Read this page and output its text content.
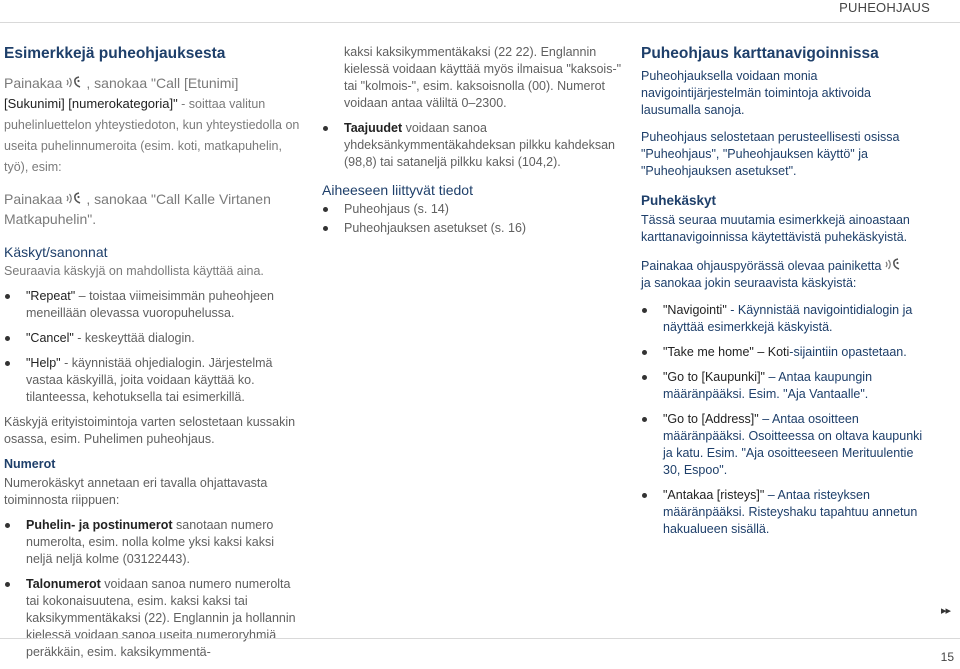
PUHEOHJAUS
Esimerkkejä puheohjauksesta

Painakaa , sanokaa "Call [Etunimi] [Sukunimi] [numerokategoria]" - soittaa valitun puhelinluettelon yhteystiedoton, kun yhteystiedolla on useita puhelinnumeroita (esim. koti, matkapuhelin, työ), esim:

Painakaa , sanokaa "Call Kalle Virtanen Matkapuhelin".

Käskyt/sanonnat

Seuraavia käskyjä on mahdollista käyttää aina.

"Repeat" – toistaa viimeisimmän puheohjeen meneillään olevassa vuoropuhelussa.
"Cancel" - keskeyttää dialogin.
"Help" - käynnistää ohjedialogin. Järjestelmä vastaa käskyillä, joita voidaan käyttää ko. tilanteessa, kehotuksella tai esimerkillä.

Käskyjä erityistoimintoja varten selostetaan kussakin osassa, esim. Puhelimen puheohjaus.

Numerot

Numerokäskyt annetaan eri tavalla ohjattavasta toiminnosta riippuen:

Puhelin- ja postinumerot sanotaan numero numerolta, esim. nolla kolme yksi kaksi kaksi neljä neljä kolme (03122443).
Talonumerot voidaan sanoa numero numerolta tai kokonaisuutena, esim. kaksi kaksi tai kaksikymmentäkaksi (22). Englannin ja hollannin kielessä voidaan sanoa useita numeroryhmiä peräkkäin, esim. kaksikymmentä-

kaksi kaksikymmentäkaksi (22 22). Englannin kielessä voidaan käyttää myös ilmaisua "kaksois-" tai "kolmois-", esim. kaksoisnolla (00). Numerot voidaan antaa väliltä 0–2300.

Taajuudet voidaan sanoa yhdeksänkymmentäkahdeksan pilkku kahdeksan (98,8) tai sataneljä pilkku kaksi (104,2).
Aiheeseen liittyvät tiedot
Puheohjaus (s. 14)
Puheohjauksen asetukset (s. 16)
Puheohjaus karttanavigoinnissa

Puheohjauksella voidaan monia navigointijärjestelmän toimintoja aktivoida lausumalla sanoja.

Puheohjaus selostetaan perusteellisesti osissa "Puheohjaus", "Puheohjauksen käyttö" ja "Puheohjauksen asetukset".

Puhekäskyt

Tässä seuraa muutamia esimerkkejä ainoastaan karttanavigoinnissa käytettävistä puhekäskyistä.

Painakaa ohjauspyörässä olevaa painiketta
ja sanokaa jokin seuraavista käskyistä:

"Navigointi" - Käynnistää navigointidialogin ja näyttää esimerkkejä käskyistä.
"Take me home" – Koti-sijaintiin opastetaan.
"Go to [Kaupunki]" – Antaa kaupungin määränpääksi. Esim. "Aja Vantaalle".
"Go to [Address]" – Antaa osoitteen määränpääksi. Osoitteessa on oltava kaupunki ja katu. Esim. "Aja osoitteeseen Merituulentie 30, Espoo".
"Antakaa [risteys]" – Antaa risteyksen määränpääksi. Risteyshaku tapahtuu annetun hakualueen sisällä.
▸▸
15
